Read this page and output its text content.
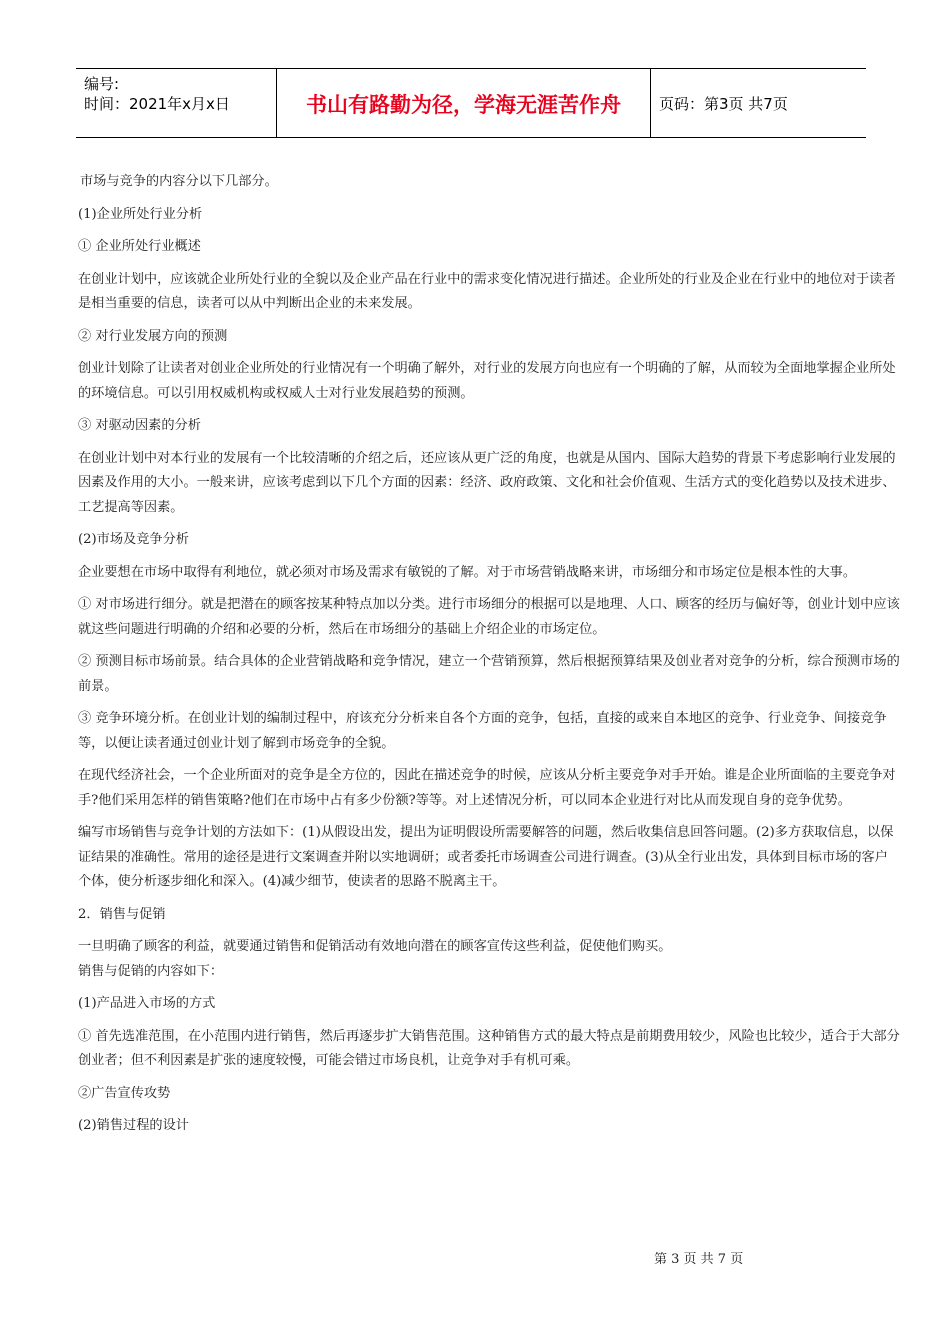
编号:
时间：2021年x月x日	书山有路勤为径，学海无涯苦作舟	页码：第3页 共7页

市场与竞争的内容分以下几部分。

(1)企业所处行业分析

① 企业所处行业概述

在创业计划中，应该就企业所处行业的全貌以及企业产品在行业中的需求变化情况进行描述。企业所处的行业及企业在行业中的地位对于读者是相当重要的信息，读者可以从中判断出企业的未来发展。

② 对行业发展方向的预测

创业计划除了让读者对创业企业所处的行业情况有一个明确了解外，对行业的发展方向也应有一个明确的了解，从而较为全面地掌握企业所处的环境信息。可以引用权威机构或权威人士对行业发展趋势的预测。

③ 对驱动因素的分析

在创业计划中对本行业的发展有一个比较清晰的介绍之后，还应该从更广泛的角度，也就是从国内、国际大趋势的背景下考虑影响行业发展的因素及作用的大小。一般来讲，应该考虑到以下几个方面的因素：经济、政府政策、文化和社会价值观、生活方式的变化趋势以及技术进步、工艺提高等因素。

(2)市场及竞争分析

企业要想在市场中取得有利地位，就必须对市场及需求有敏锐的了解。对于市场营销战略来讲，市场细分和市场定位是根本性的大事。

① 对市场进行细分。就是把潜在的顾客按某种特点加以分类。进行市场细分的根据可以是地理、人口、顾客的经历与偏好等，创业计划中应该就这些问题进行明确的介绍和必要的分析，然后在市场细分的基础上介绍企业的市场定位。

② 预测目标市场前景。结合具体的企业营销战略和竞争情况，建立一个营销预算，然后根据预算结果及创业者对竞争的分析，综合预测市场的前景。

③ 竞争环境分析。在创业计划的编制过程中，府该充分分析来自各个方面的竞争，包括，直接的或来自本地区的竞争、行业竞争、间接竞争等，以便让读者通过创业计划了解到市场竞争的全貌。

在现代经济社会，一个企业所面对的竞争是全方位的，因此在描述竞争的时候，应该从分析主要竞争对手开始。谁是企业所面临的主要竞争对手?他们采用怎样的销售策略?他们在市场中占有多少份额?等等。对上述情况分析，可以同本企业进行对比从而发现自身的竞争优势。

编写市场销售与竞争计划的方法如下：(1)从假设出发，提出为证明假设所需要解答的问题，然后收集信息回答问题。(2)多方获取信息，以保证结果的准确性。常用的途径是进行文案调查并附以实地调研；或者委托市场调查公司进行调查。(3)从全行业出发，具体到目标市场的客户个体，使分析逐步细化和深入。(4)减少细节，使读者的思路不脱离主干。

2．销售与促销

一旦明确了顾客的利益，就要通过销售和促销活动有效地向潜在的顾客宣传这些利益，促使他们购买。

销售与促销的内容如下：

(1)产品进入市场的方式

① 首先选准范围，在小范围内进行销售，然后再逐步扩大销售范围。这种销售方式的最大特点是前期费用较少，风险也比较少，适合于大部分创业者；但不利因素是扩张的速度较慢，可能会错过市场良机，让竞争对手有机可乘。

②广告宣传攻势

(2)销售过程的设计

第 3 页 共 7 页
